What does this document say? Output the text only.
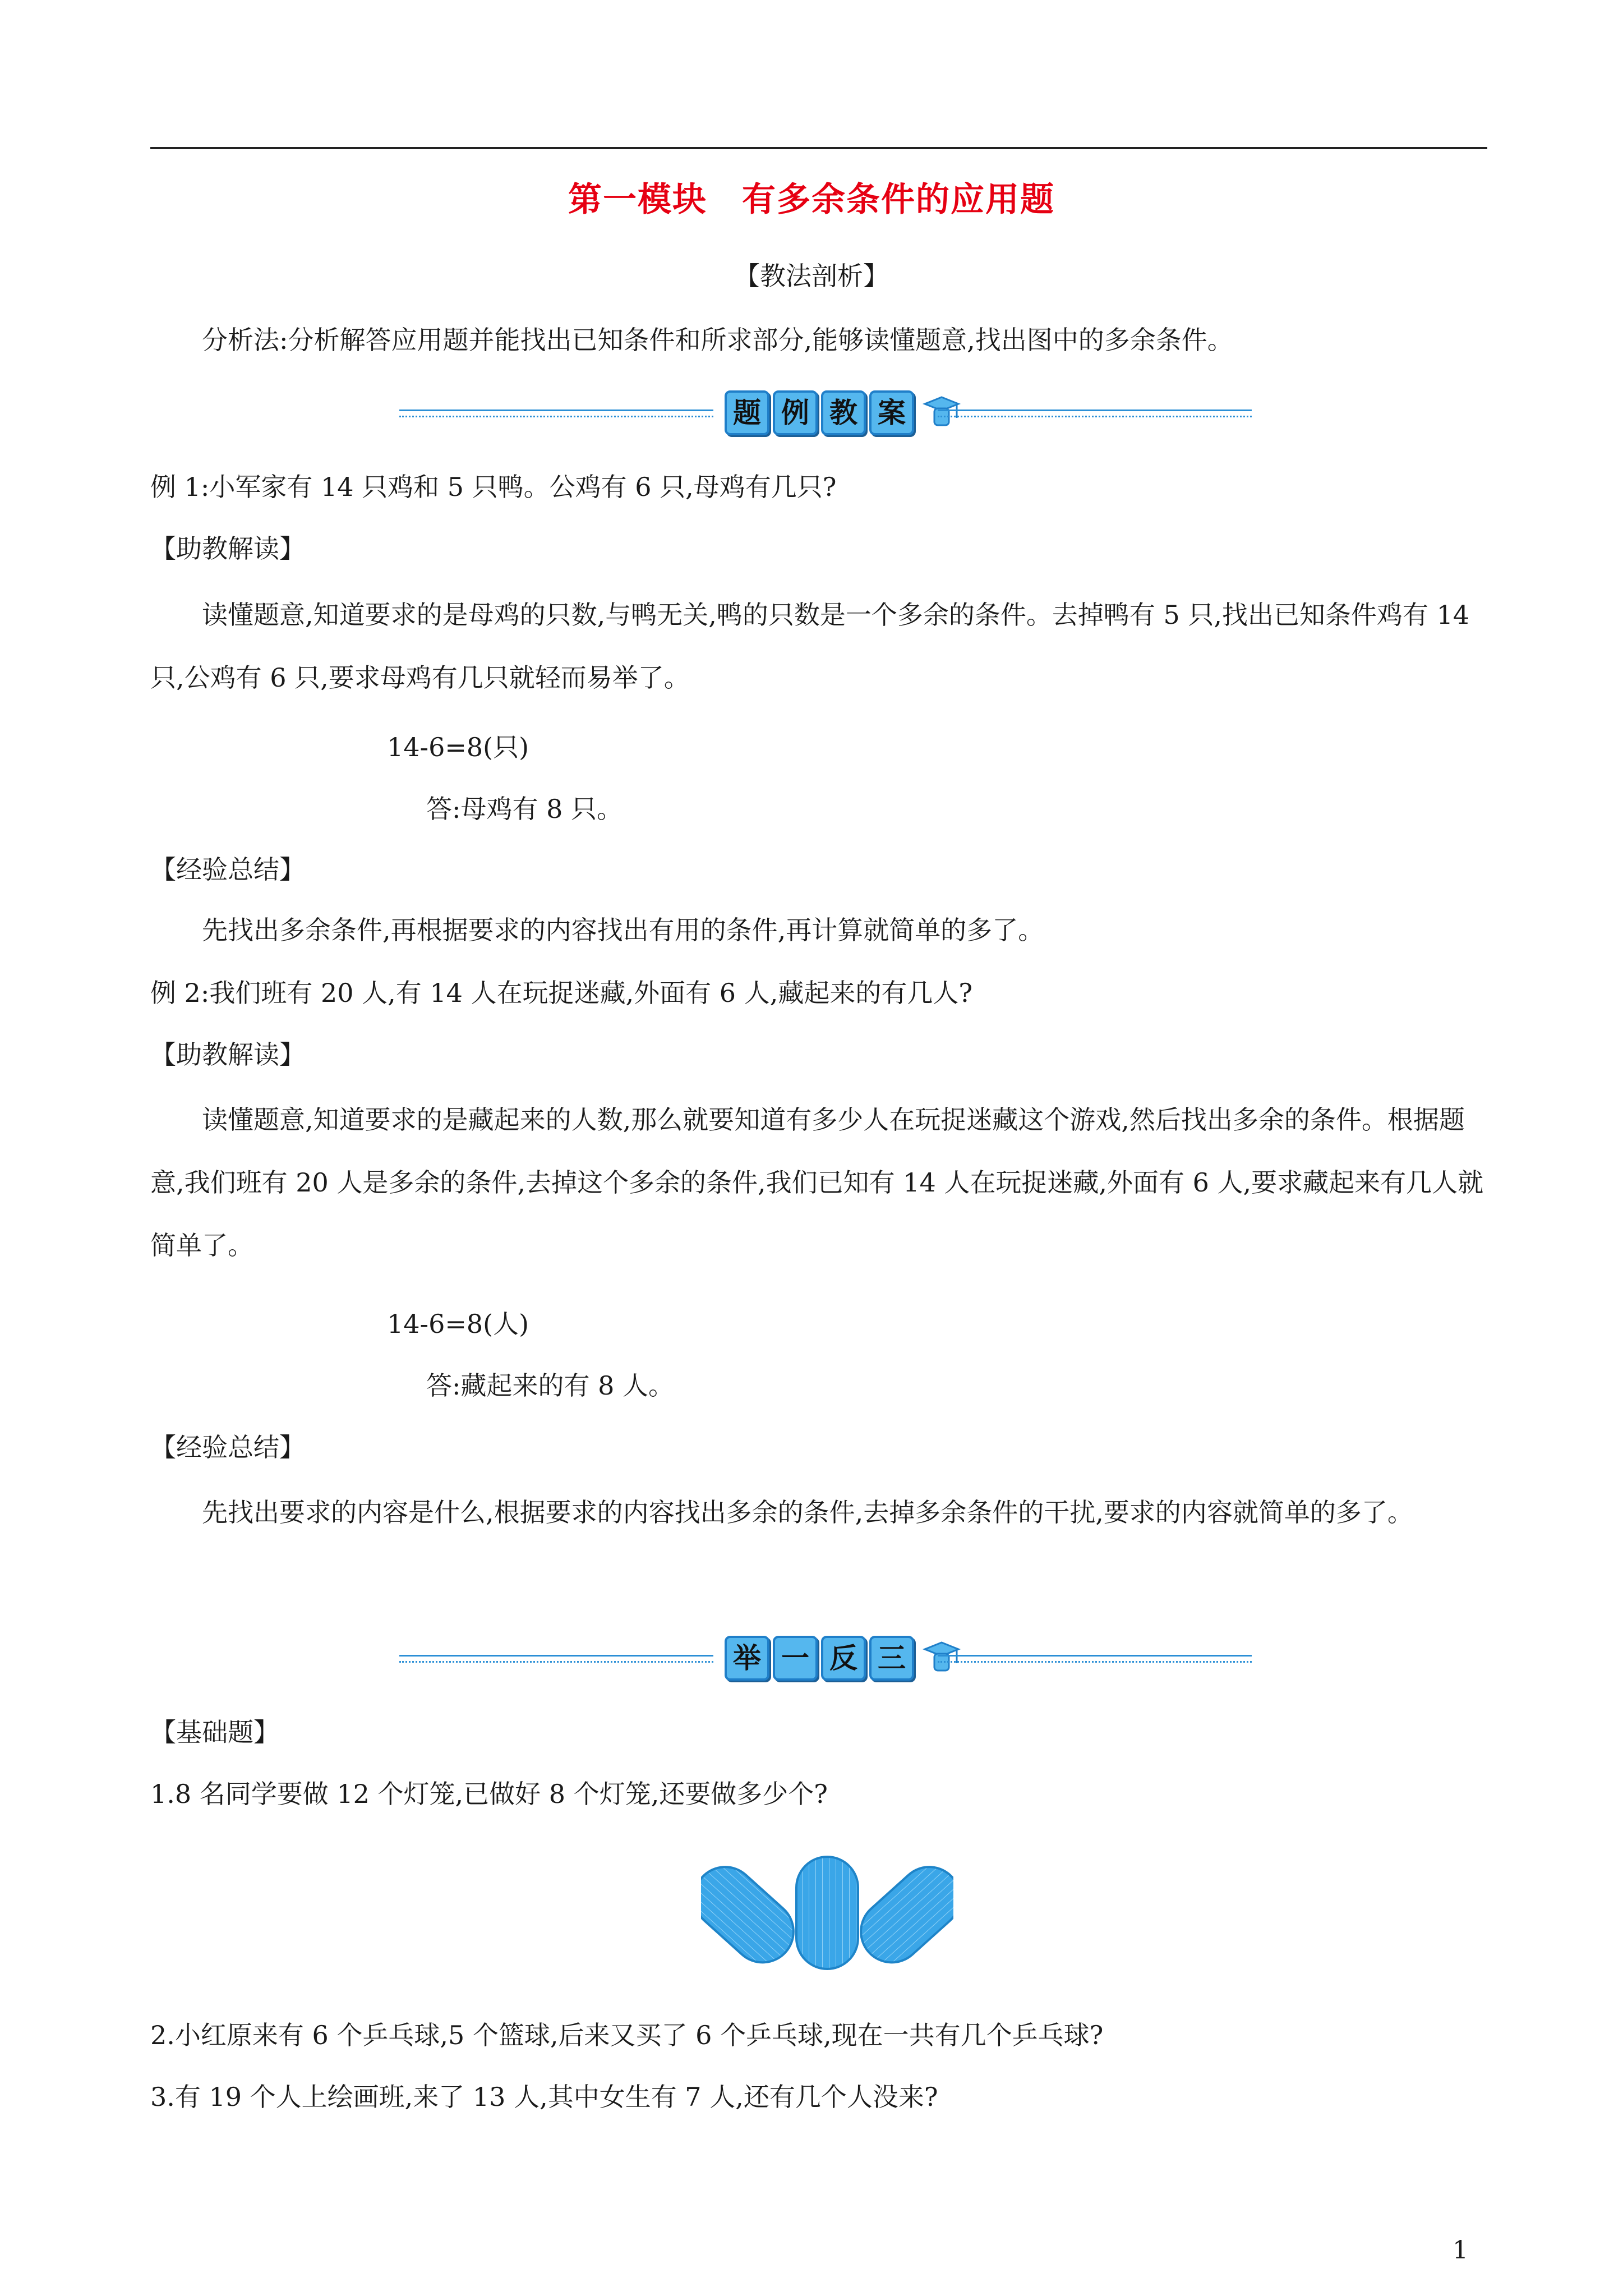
第一模块　有多余条件的应用题
【教法剖析】
分析法:分析解答应用题并能找出已知条件和所求部分,能够读懂题意,找出图中的多余条件。
题 例 教 案
例 1:小军家有 14 只鸡和 5 只鸭。公鸡有 6 只,母鸡有几只?
【助教解读】
读懂题意,知道要求的是母鸡的只数,与鸭无关,鸭的只数是一个多余的条件。去掉鸭有 5 只,找出已知条件鸡有 14 只,公鸡有 6 只,要求母鸡有几只就轻而易举了。
14-6=8(只)
答:母鸡有 8 只。
【经验总结】
先找出多余条件,再根据要求的内容找出有用的条件,再计算就简单的多了。
例 2:我们班有 20 人,有 14 人在玩捉迷藏,外面有 6 人,藏起来的有几人?
【助教解读】
读懂题意,知道要求的是藏起来的人数,那么就要知道有多少人在玩捉迷藏这个游戏,然后找出多余的条件。根据题意,我们班有 20 人是多余的条件,去掉这个多余的条件,我们已知有 14 人在玩捉迷藏,外面有 6 人,要求藏起来有几人就简单了。
14-6=8(人)
答:藏起来的有 8 人。
【经验总结】
先找出要求的内容是什么,根据要求的内容找出多余的条件,去掉多余条件的干扰,要求的内容就简单的多了。
举 一 反 三
【基础题】
1.8 名同学要做 12 个灯笼,已做好 8 个灯笼,还要做多少个?
2.小红原来有 6 个乒乓球,5 个篮球,后来又买了 6 个乒乓球,现在一共有几个乒乓球?
3.有 19 个人上绘画班,来了 13 人,其中女生有 7 人,还有几个人没来?
1
